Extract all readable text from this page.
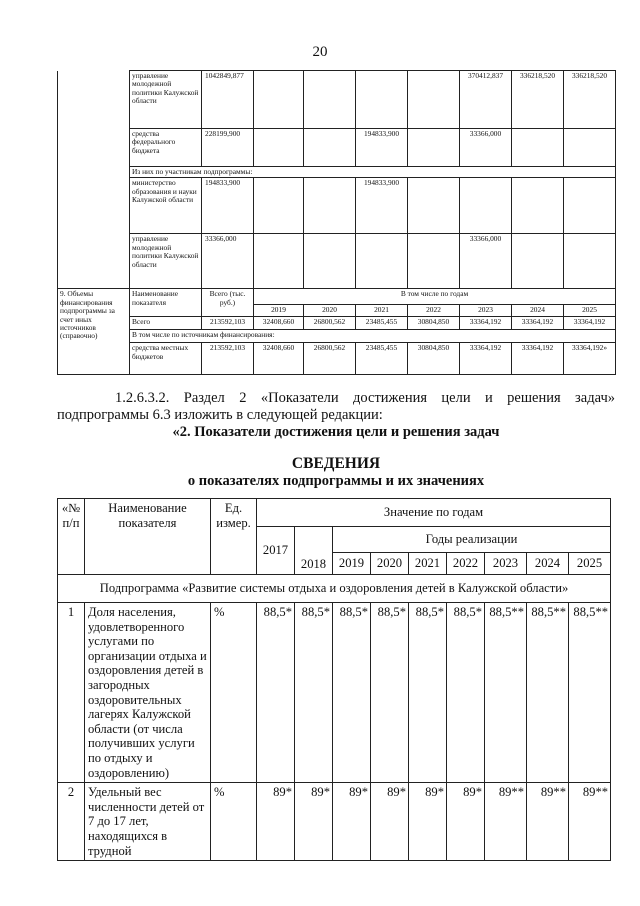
20
	управление молодежной политики Калужской области	1042849,877					370412,837	336218,520	336218,520
	средства федерального бюджета	228199,900			194833,900		33366,000		
	Из них по участникам подпрограммы:								
	министерство образования и науки Калужской области	194833,900			194833,900				
	управление молодежной политики Калужской области	33366,000					33366,000		
9. Объемы финансирования подпрограммы за счет иных источников (справочно)	Наименование показателя	Всего (тыс. руб.)	В том числе по годам						
			2019	2020	2021	2022	2023	2024	2025
	Всего	213592,103	32408,660	26800,562	23485,455	30804,850	33364,192	33364,192	33364,192
	В том числе по источникам финансирования:								
	средства местных бюджетов	213592,103	32408,660	26800,562	23485,455	30804,850	33364,192	33364,192	33364,192»
1.2.6.3.2. Раздел 2 «Показатели достижения цели и решения задач» подпрограммы 6.3 изложить в следующей редакции:
«2. Показатели достижения цели и решения задач
СВЕДЕНИЯ
о показателях подпрограммы и их значениях
«№ п/п	Наименование показателя	Ед. измер.	Значение по годам								
			2017	2018	Годы реализации						
					2019	2020	2021	2022	2023	2024	2025
Подпрограмма «Развитие системы отдыха и оздоровления детей в Калужской области»											
1	Доля населения, удовлетворенного услугами по организации отдыха и оздоровления детей в загородных оздоровительных лагерях Калужской области (от числа получивших услуги по отдыху и оздоровлению)	%	88,5*	88,5*	88,5*	88,5*	88,5*	88,5*	88,5**	88,5**	88,5**
2	Удельный вес численности детей от 7 до 17 лет, находящихся в трудной	%	89*	89*	89*	89*	89*	89*	89**	89**	89**
